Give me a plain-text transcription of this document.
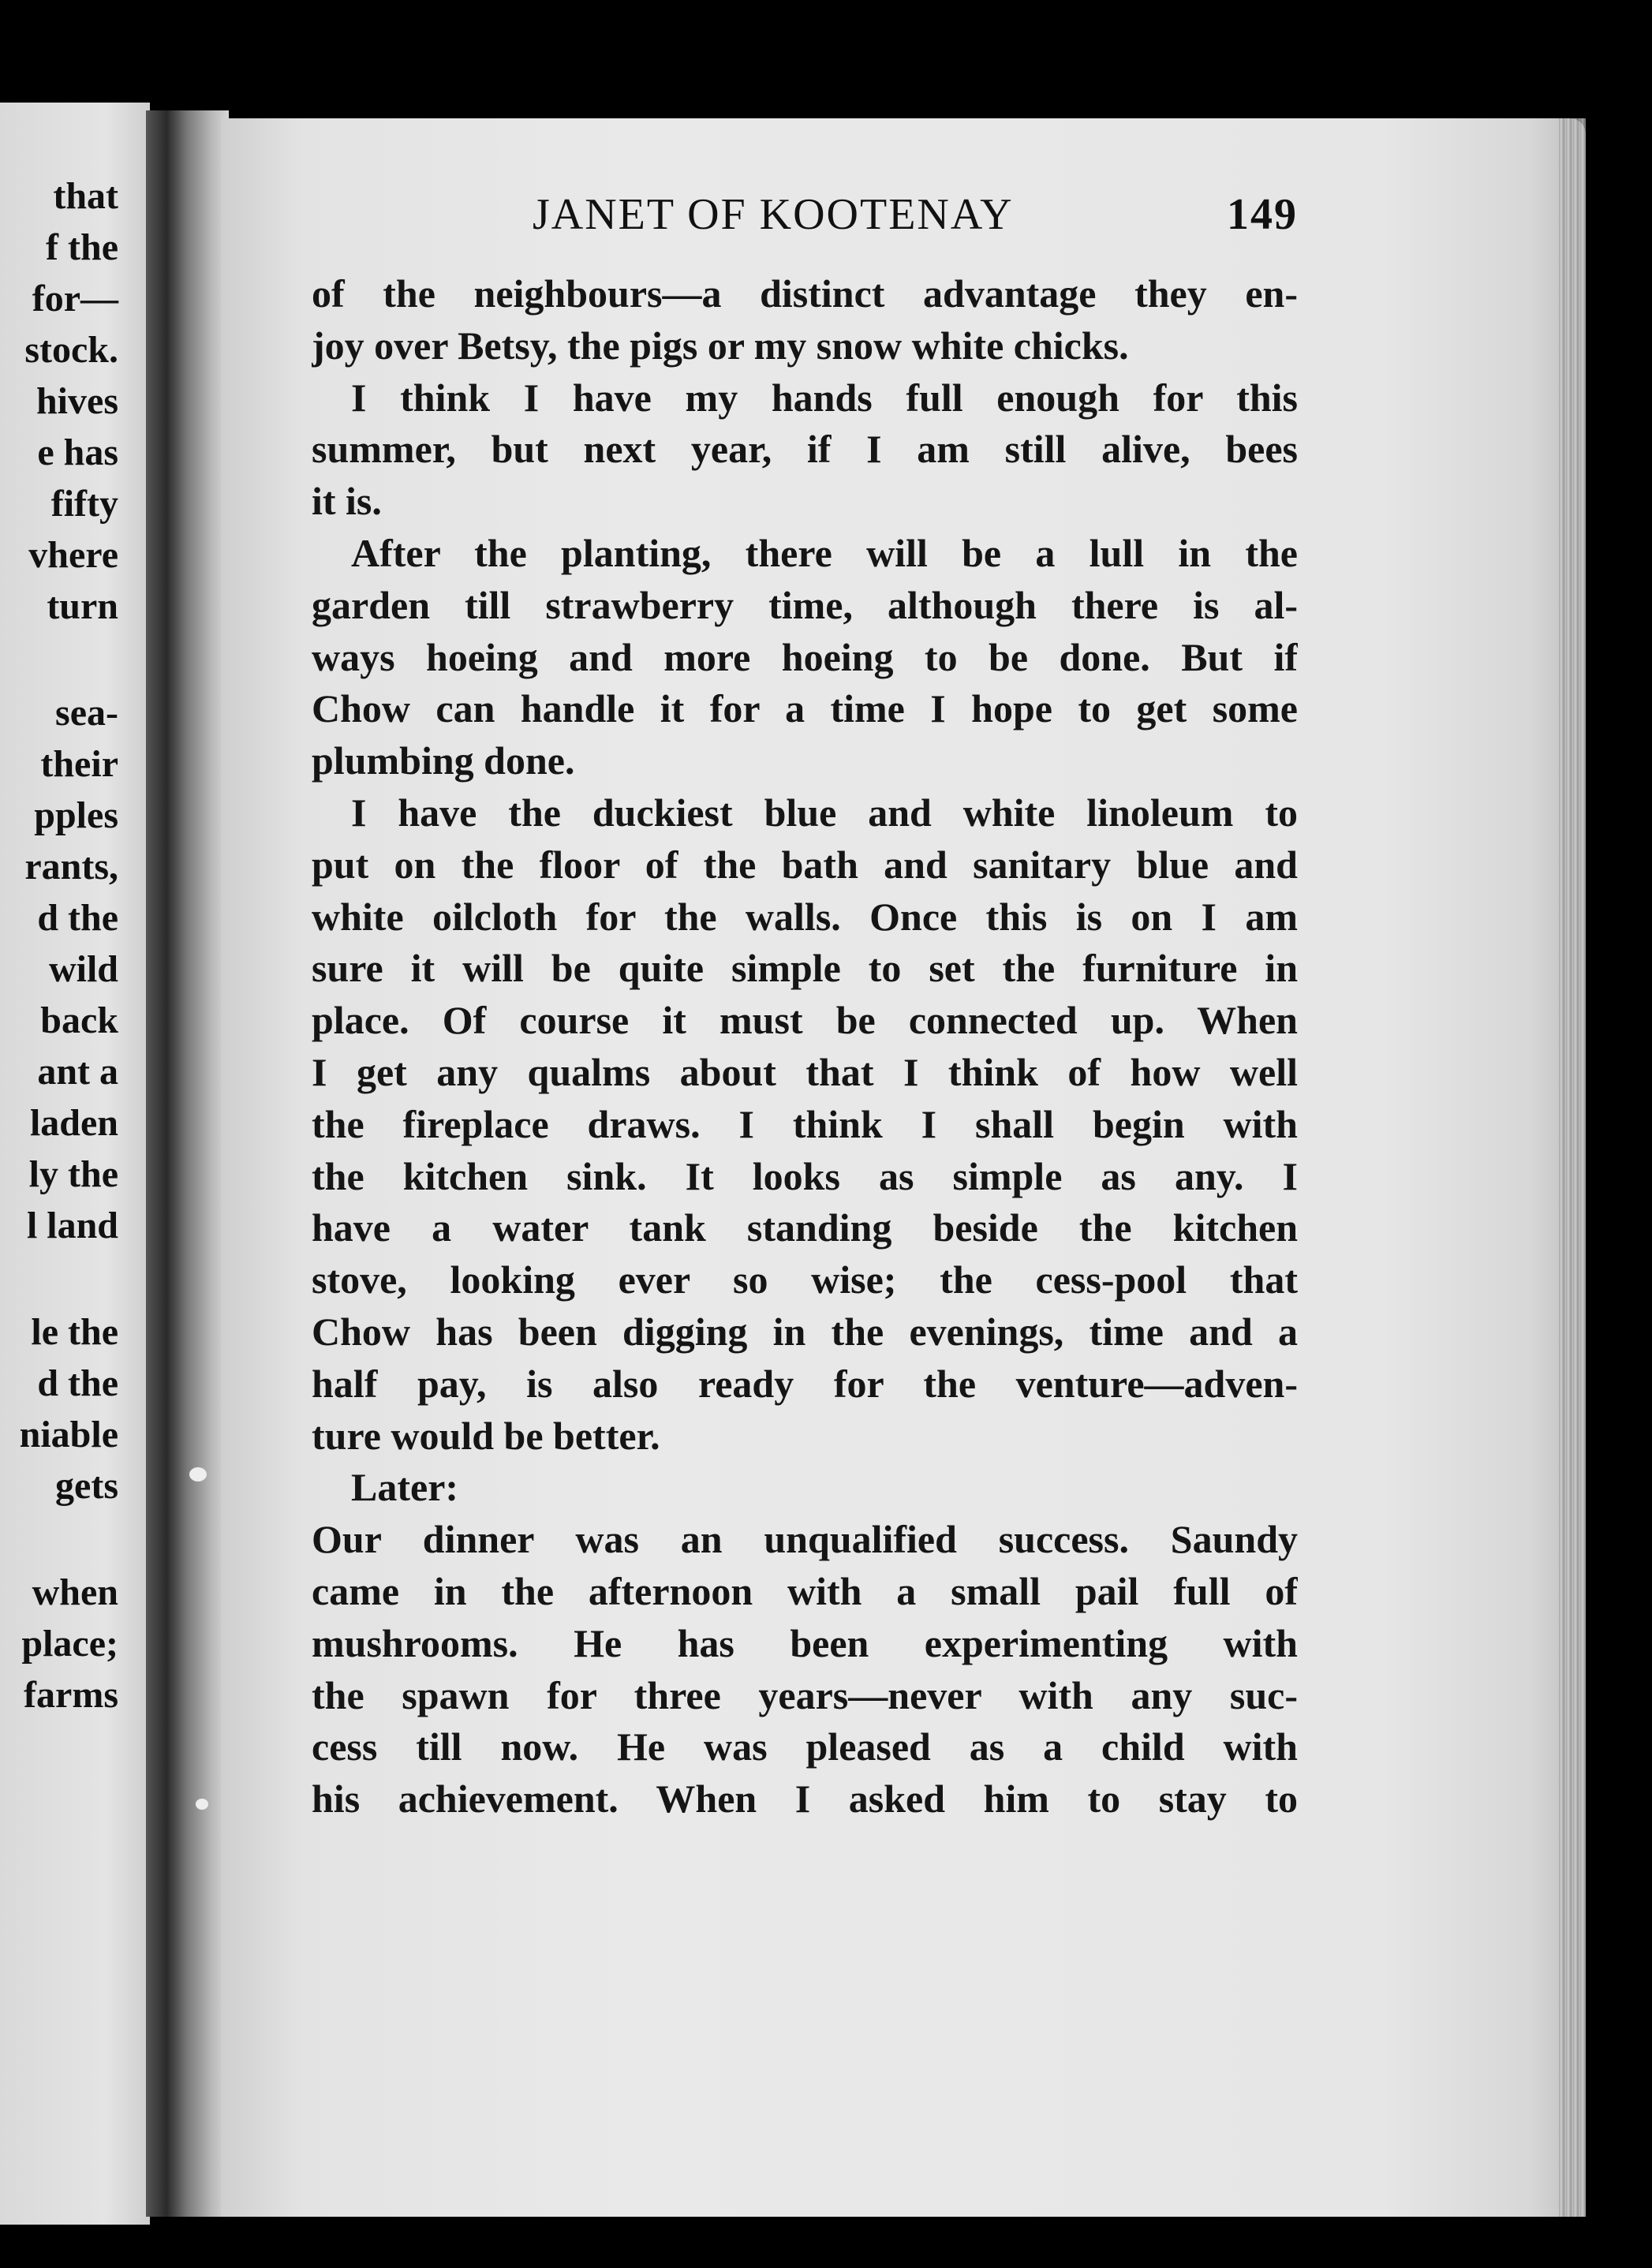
that
f the
for—
stock.
hives
e has
fifty
vhere
turn
sea-
their
pples
rants,
d the
wild
back
ant a
laden
ly the
l land
le the
d the
niable
gets
when
place;
farms
JANET OF KOOTENAY	149
of the neighbours—a distinct advantage they en-
joy over Betsy, the pigs or my snow white chicks.
I think I have my hands full enough for this
summer, but next year, if I am still alive, bees
it is.
After the planting, there will be a lull in the
garden till strawberry time, although there is al-
ways hoeing and more hoeing to be done. But if
Chow can handle it for a time I hope to get some
plumbing done.
I have the duckiest blue and white linoleum to
put on the floor of the bath and sanitary blue and
white oilcloth for the walls. Once this is on I am
sure it will be quite simple to set the furniture in
place. Of course it must be connected up. When
I get any qualms about that I think of how well
the fireplace draws. I think I shall begin with
the kitchen sink. It looks as simple as any. I
have a water tank standing beside the kitchen
stove, looking ever so wise; the cess-pool that
Chow has been digging in the evenings, time and a
half pay, is also ready for the venture—adven-
ture would be better.
Later:
Our dinner was an unqualified success. Saundy
came in the afternoon with a small pail full of
mushrooms. He has been experimenting with
the spawn for three years—never with any suc-
cess till now. He was pleased as a child with
his achievement. When I asked him to stay to
